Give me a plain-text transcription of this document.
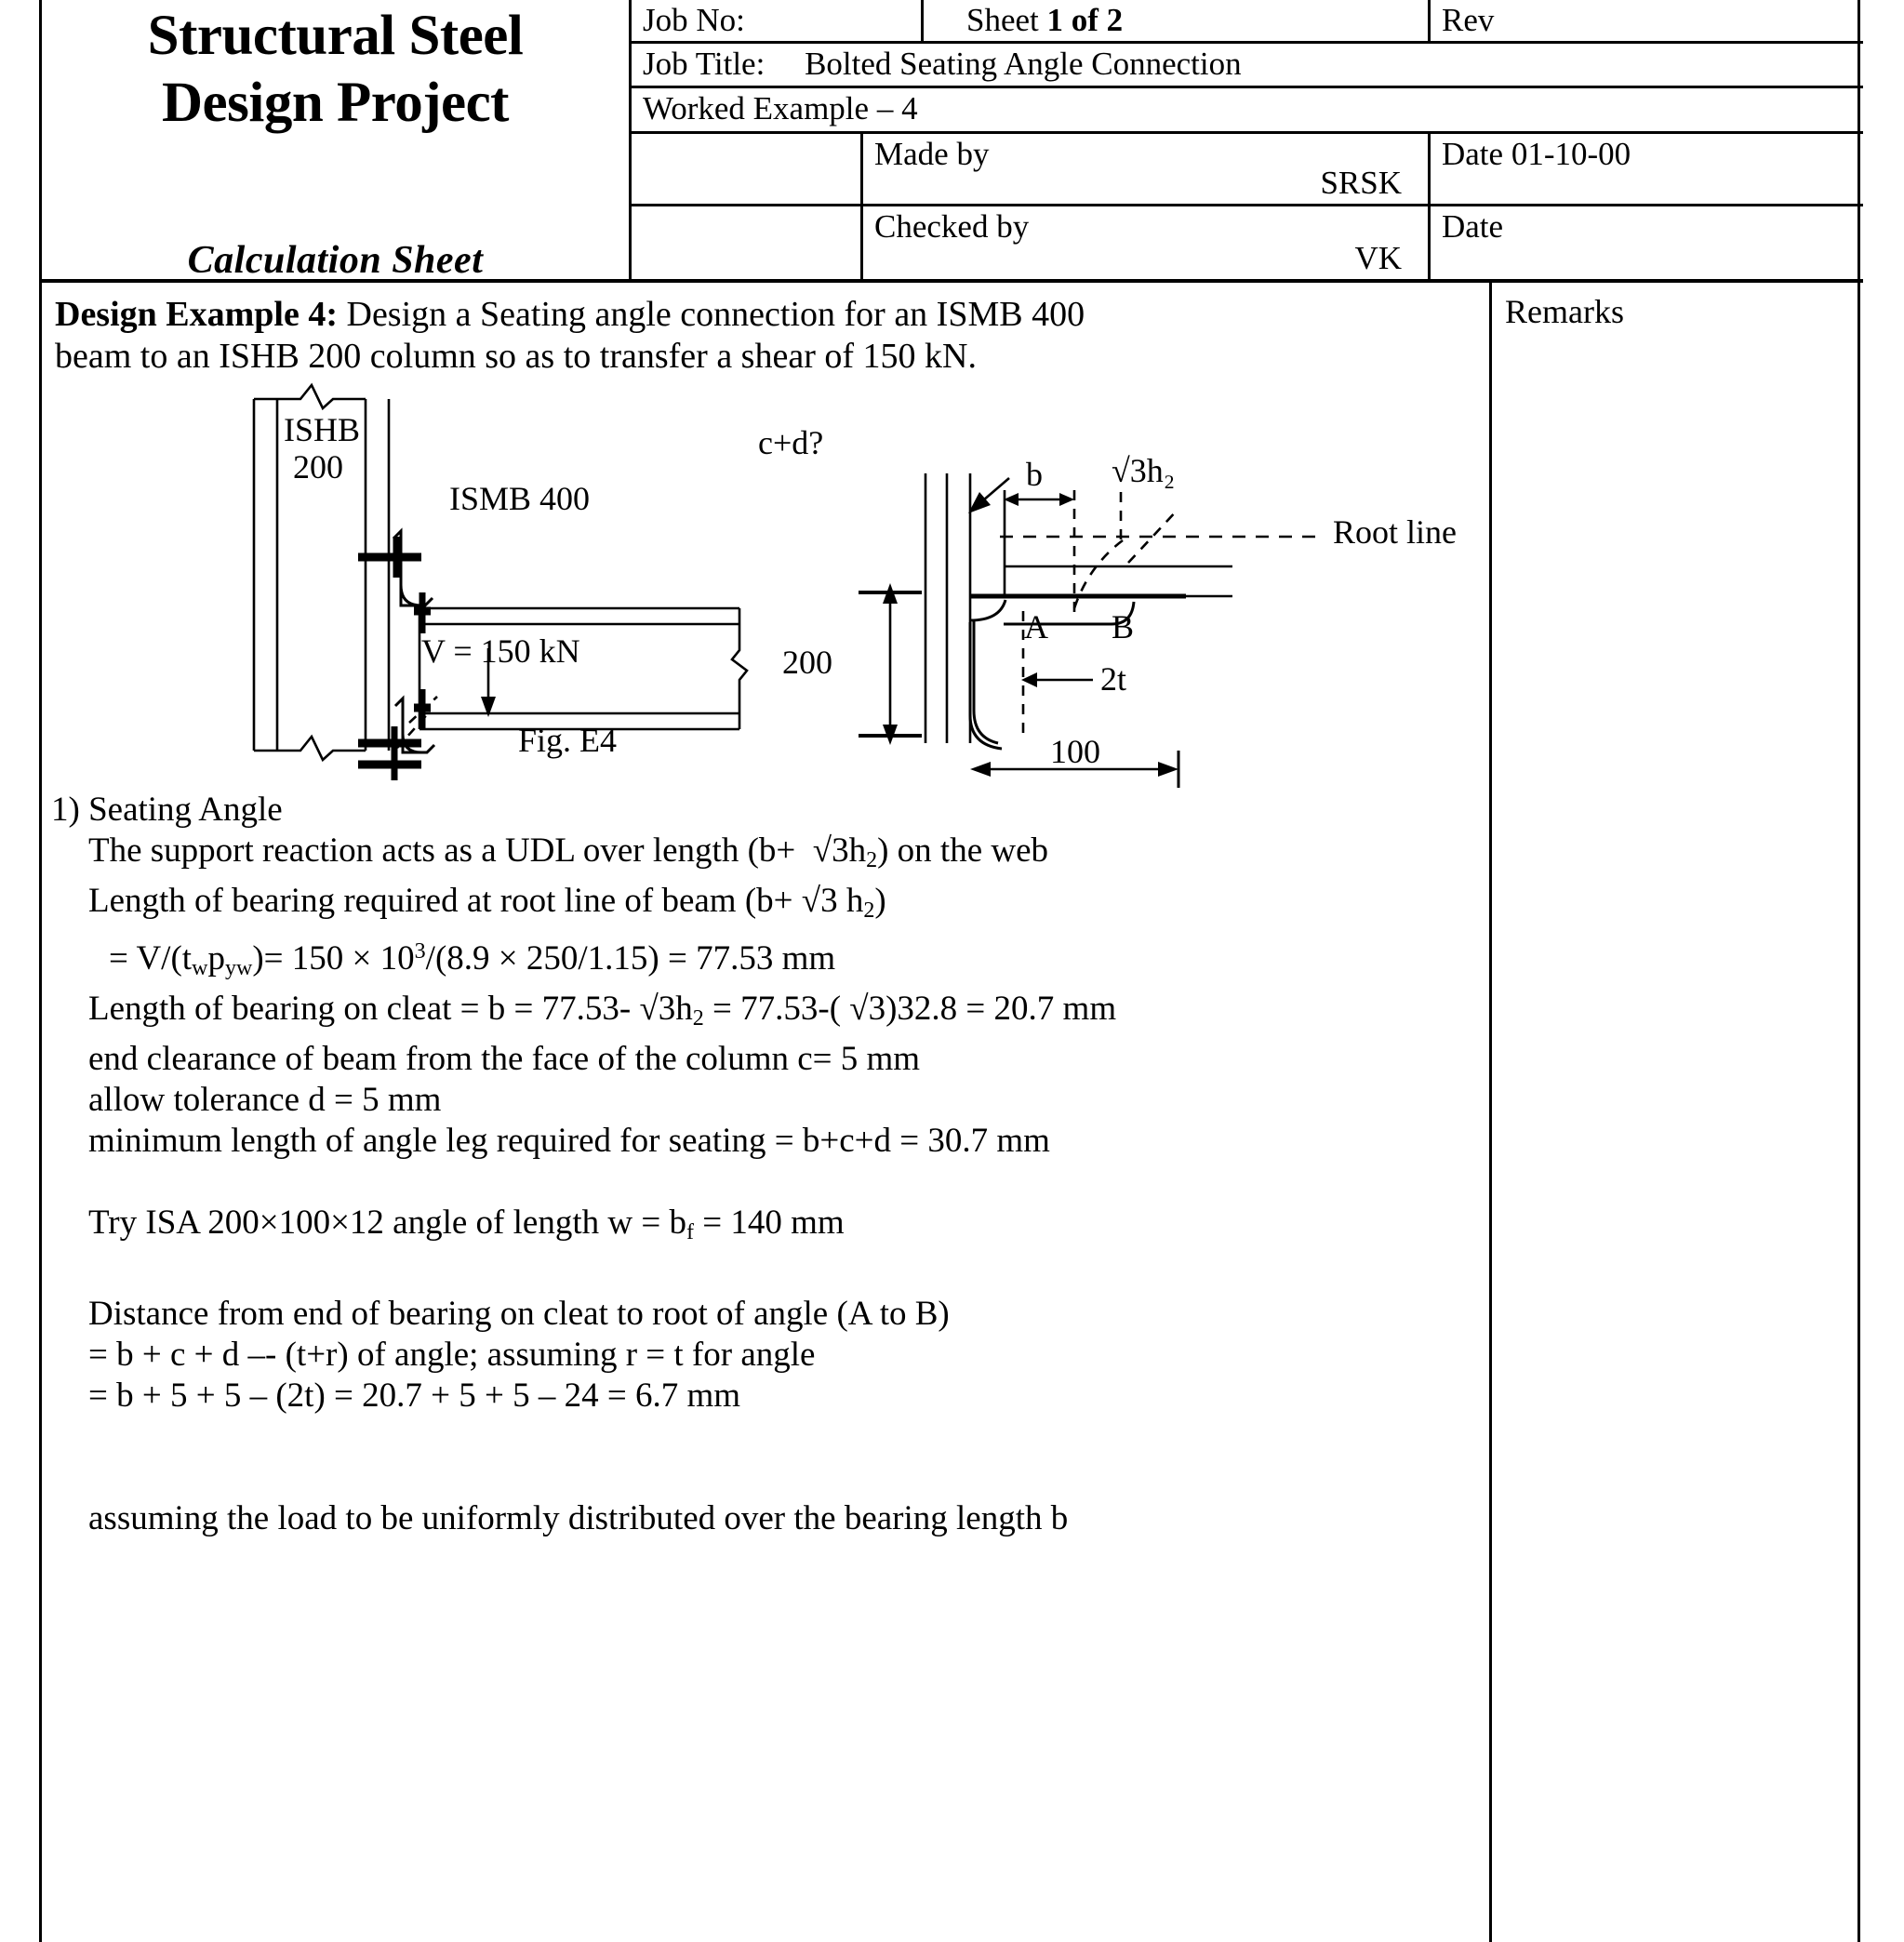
Structural Steel
Design Project
Calculation Sheet
Job No:	Sheet 1 of 2	Rev
Job Title: Bolted Seating Angle Connection
Worked Example – 4
Made by
SRSK
Date 01-10-00
Checked by
VK
Date
Remarks
Design Example 4: Design a Seating angle connection for an ISMB 400
beam to an ISHB 200 column so as to transfer a shear of 150 kN.
ISHB
200
ISMB 400
V = 150 kN
Fig. E4
c+d?
b √3h₂
Root line
A B
2t
200
100
1) Seating Angle
The support reaction acts as a UDL over length $(b+ √3h_2)$ on the web
Length of bearing required at root line of beam (b+ √3 $h_2$)
= $V/(t_wp_{yw})= 150 \times 10^3/(8.9 \times 250/1.15) = 77.53$ mm
Length of bearing on cleat = b = 77.53- $√3h_2 = 77.53-$( √3)32.8 = 20.7 mm
end clearance of beam from the face of the column c= 5 mm
allow tolerance d = 5 mm
minimum length of angle leg required for seating = b+c+d = 30.7 mm
Try ISA 200×100×12 angle of length $w = b_f = 140$ mm
Distance from end of bearing on cleat to root of angle (A to B)
= b + c + d –- (t+r) of angle; assuming r = t for angle
= b + 5 + 5 – (2t) = 20.7 + 5 + 5 – 24 = 6.7 mm
assuming the load to be uniformly distributed over the bearing length b
